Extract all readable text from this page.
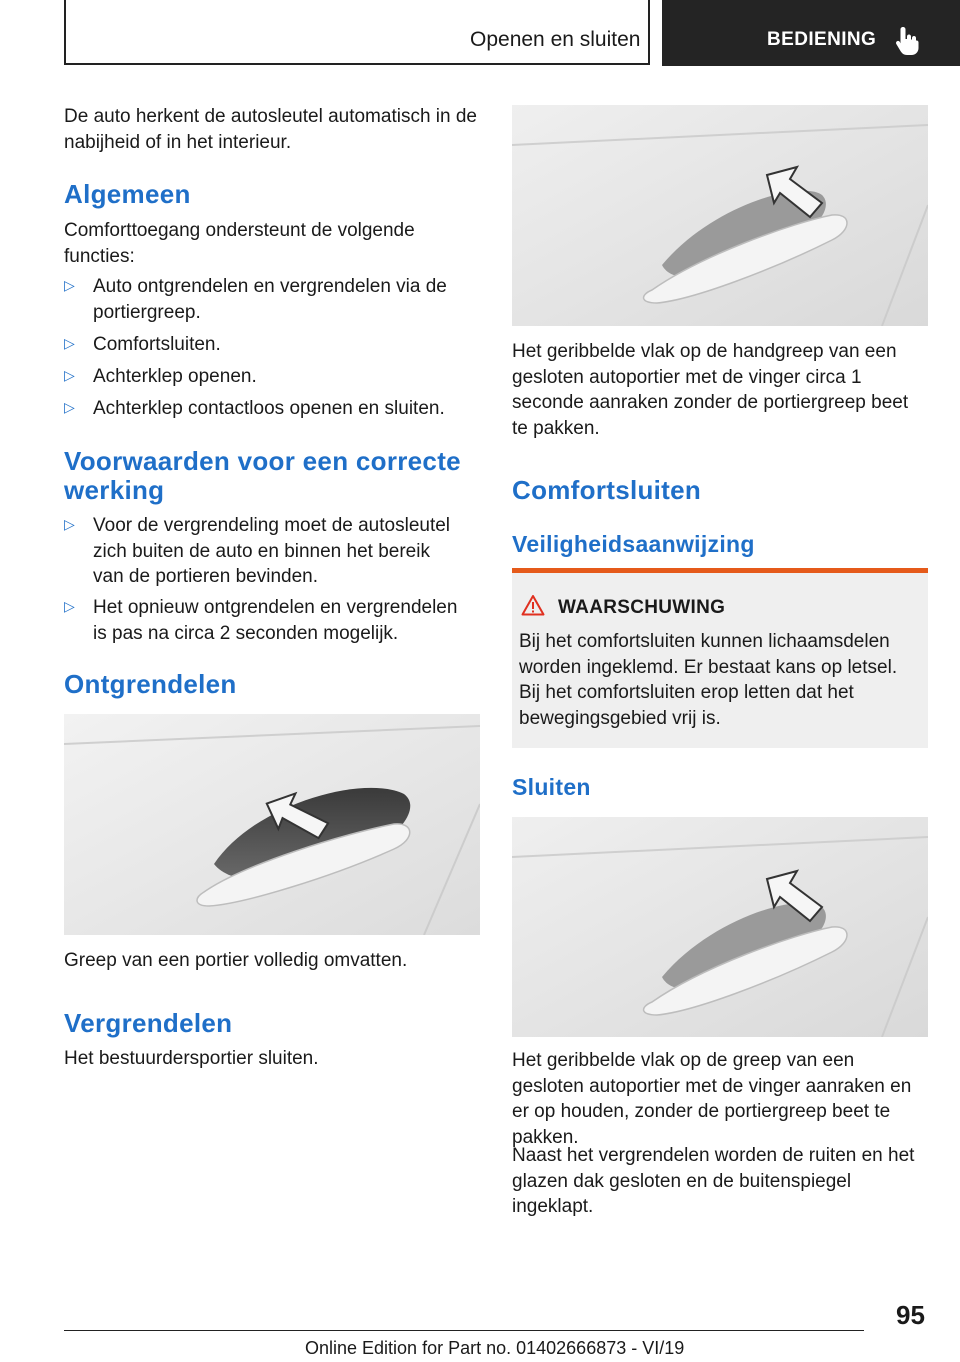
Openen en sluiten	BEDIENING
De auto herkent de autosleutel automatisch in de nabijheid of in het interieur.
Algemeen
Comforttoegang ondersteunt de volgende functies:
▷ Auto ontgrendelen en vergrendelen via de portiergreep.
▷ Comfortsluiten.
▷ Achterklep openen.
▷ Achterklep contactloos openen en sluiten.
Voorwaarden voor een correcte werking
▷ Voor de vergrendeling moet de autosleutel zich buiten de auto en binnen het bereik van de portieren bevinden.
▷ Het opnieuw ontgrendelen en vergrendelen is pas na circa 2 seconden mogelijk.
Ontgrendelen
Greep van een portier volledig omvatten.
Vergrendelen
Het bestuurdersportier sluiten.
Het geribbelde vlak op de handgreep van een gesloten autoportier met de vinger circa 1 seconde aanraken zonder de portiergreep beet te pakken.
Comfortsluiten
Veiligheidsaanwijzing
WAARSCHUWING
Bij het comfortsluiten kunnen lichaamsdelen worden ingeklemd. Er bestaat kans op letsel. Bij het comfortsluiten erop letten dat het bewegingsgebied vrij is.
Sluiten
Het geribbelde vlak op de greep van een gesloten autoportier met de vinger aanraken en er op houden, zonder de portiergreep beet te pakken.
Naast het vergrendelen worden de ruiten en het glazen dak gesloten en de buitenspiegel ingeklapt.
95
Online Edition for Part no. 01402666873 - VI/19
